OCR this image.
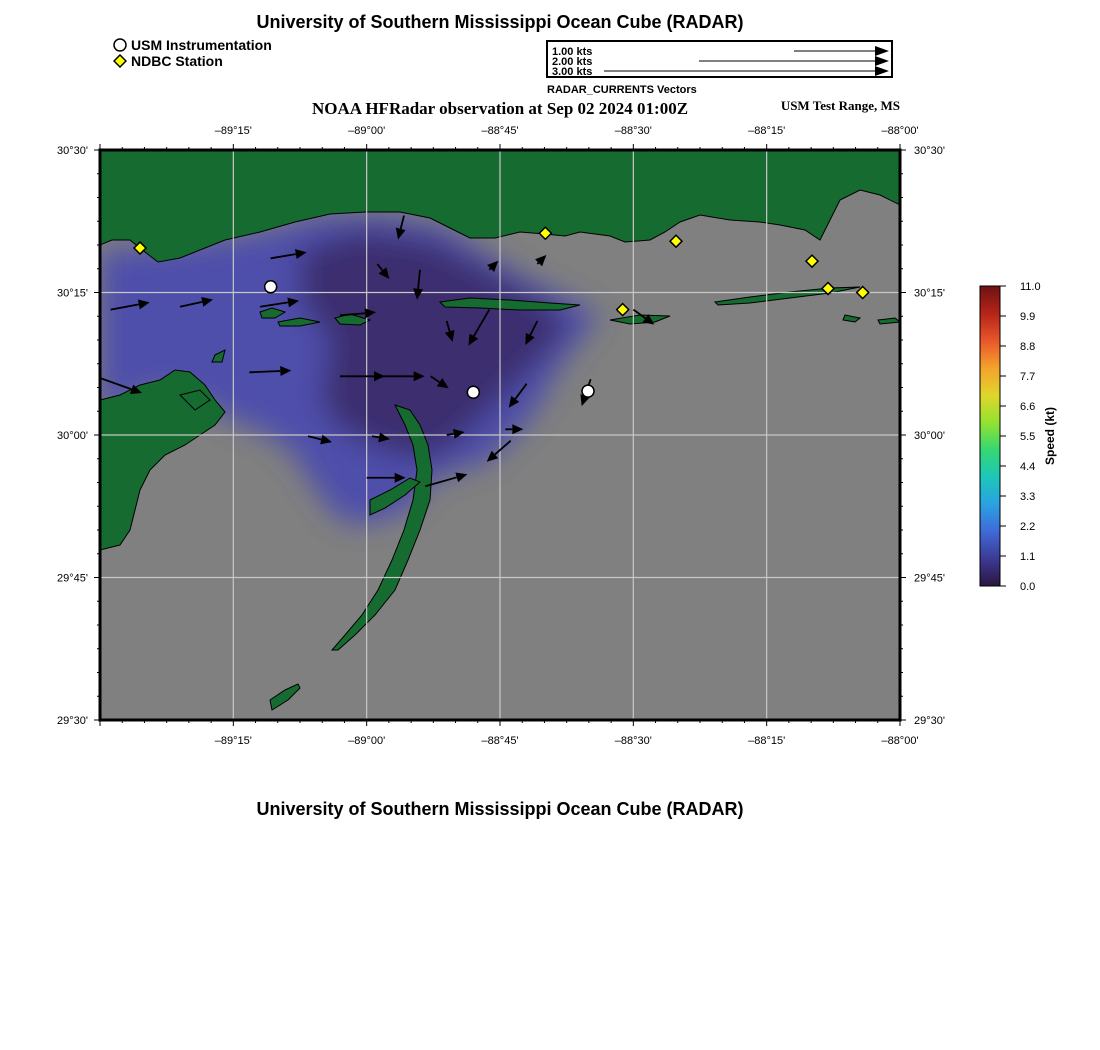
University of Southern Mississippi Ocean Cube (RADAR)
USM Instrumentation
NDBC Station
1.00 kts
2.00 kts
3.00 kts
RADAR_CURRENTS Vectors
NOAA HFRadar observation at Sep 02 2024 01:00Z	USM Test Range, MS
–89°15'
–89°15'
–89°00'
–89°00'
–88°45'
–88°45'
–88°30'
–88°30'
–88°15'
–88°15'
–88°00'
–88°00'
30°30'	30°30'
30°15'	30°15'
30°00'	30°00'
29°45'	29°45'
29°30'	29°30'
11.0
9.9
8.8
7.7
6.6
5.5
4.4
3.3
2.2
1.1
0.0
Speed (kt)
University of Southern Mississippi Ocean Cube (RADAR)
